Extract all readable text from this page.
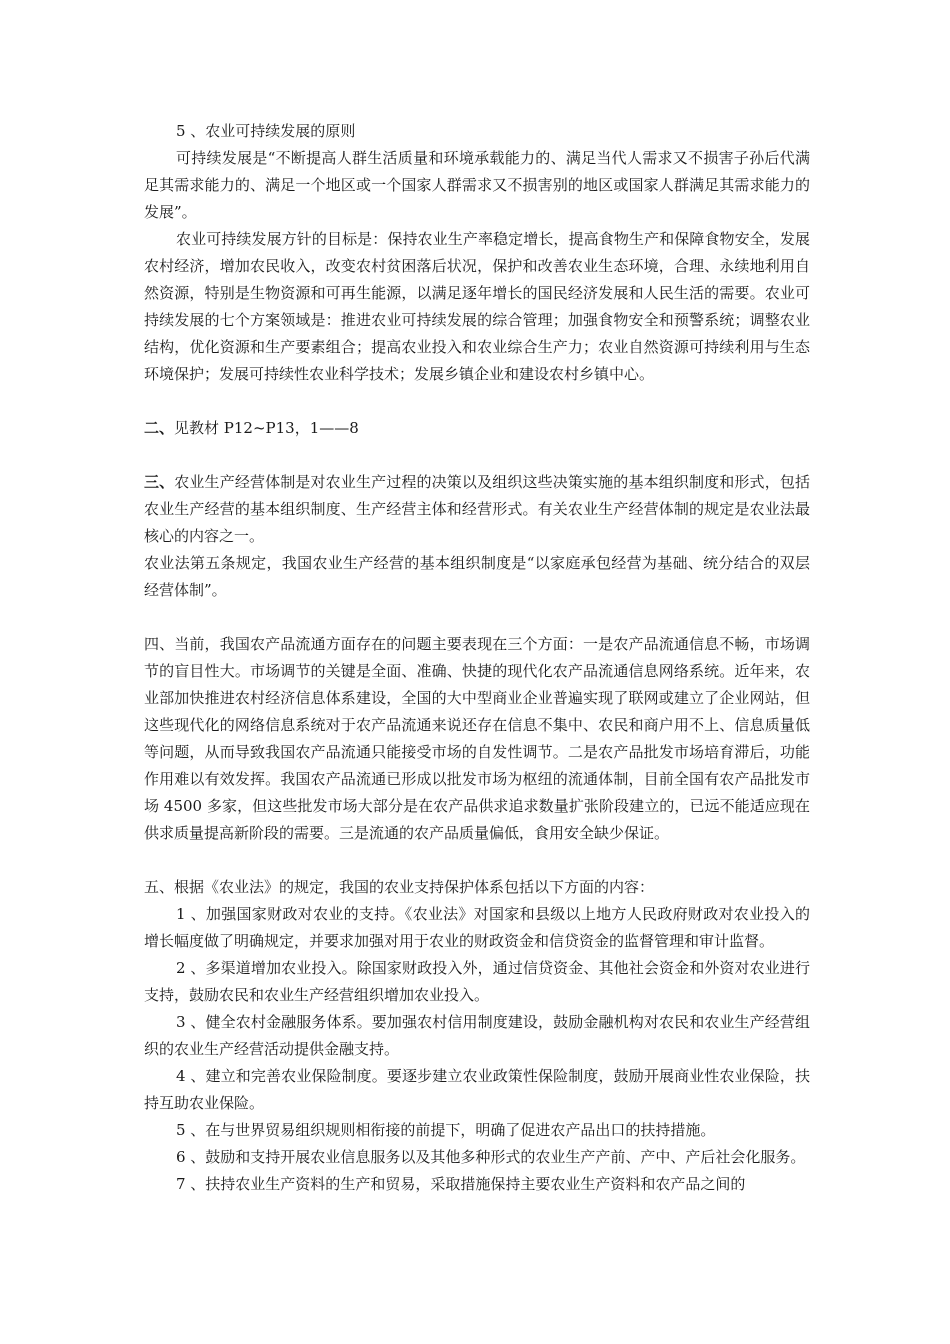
5 、农业可持续发展的原则

可持续发展是“不断提高人群生活质量和环境承载能力的、满足当代人需求又不损害子孙后代满足其需求能力的、满足一个地区或一个国家人群需求又不损害别的地区或国家人群满足其需求能力的发展”。

农业可持续发展方针的目标是：保持农业生产率稳定增长，提高食物生产和保障食物安全，发展农村经济，增加农民收入，改变农村贫困落后状况，保护和改善农业生态环境，合理、永续地利用自然资源，特别是生物资源和可再生能源，以满足逐年增长的国民经济发展和人民生活的需要。农业可持续发展的七个方案领域是：推进农业可持续发展的综合管理；加强食物安全和预警系统；调整农业结构，优化资源和生产要素组合；提高农业投入和农业综合生产力；农业自然资源可持续利用与生态环境保护；发展可持续性农业科学技术；发展乡镇企业和建设农村乡镇中心。

二、见教材 P12~P13，1——8

三、农业生产经营体制是对农业生产过程的决策以及组织这些决策实施的基本组织制度和形式，包括农业生产经营的基本组织制度、生产经营主体和经营形式。有关农业生产经营体制的规定是农业法最核心的内容之一。

农业法第五条规定，我国农业生产经营的基本组织制度是“以家庭承包经营为基础、统分结合的双层经营体制”。

四、当前，我国农产品流通方面存在的问题主要表现在三个方面：一是农产品流通信息不畅，市场调节的盲目性大。市场调节的关键是全面、准确、快捷的现代化农产品流通信息网络系统。近年来，农业部加快推进农村经济信息体系建设，全国的大中型商业企业普遍实现了联网或建立了企业网站，但这些现代化的网络信息系统对于农产品流通来说还存在信息不集中、农民和商户用不上、信息质量低等问题，从而导致我国农产品流通只能接受市场的自发性调节。二是农产品批发市场培育滞后，功能作用难以有效发挥。我国农产品流通已形成以批发市场为枢纽的流通体制，目前全国有农产品批发市场 4500 多家，但这些批发市场大部分是在农产品供求追求数量扩张阶段建立的，已远不能适应现在供求质量提高新阶段的需要。三是流通的农产品质量偏低，食用安全缺少保证。

五、根据《农业法》的规定，我国的农业支持保护体系包括以下方面的内容：

1 、加强国家财政对农业的支持。《农业法》对国家和县级以上地方人民政府财政对农业投入的增长幅度做了明确规定，并要求加强对用于农业的财政资金和信贷资金的监督管理和审计监督。

2 、多渠道增加农业投入。除国家财政投入外，通过信贷资金、其他社会资金和外资对农业进行支持，鼓励农民和农业生产经营组织增加农业投入。

3 、健全农村金融服务体系。要加强农村信用制度建设，鼓励金融机构对农民和农业生产经营组织的农业生产经营活动提供金融支持。

4 、建立和完善农业保险制度。要逐步建立农业政策性保险制度，鼓励开展商业性农业保险，扶持互助农业保险。

5 、在与世界贸易组织规则相衔接的前提下，明确了促进农产品出口的扶持措施。

6 、鼓励和支持开展农业信息服务以及其他多种形式的农业生产产前、产中、产后社会化服务。

7 、扶持农业生产资料的生产和贸易，采取措施保持主要农业生产资料和农产品之间的
